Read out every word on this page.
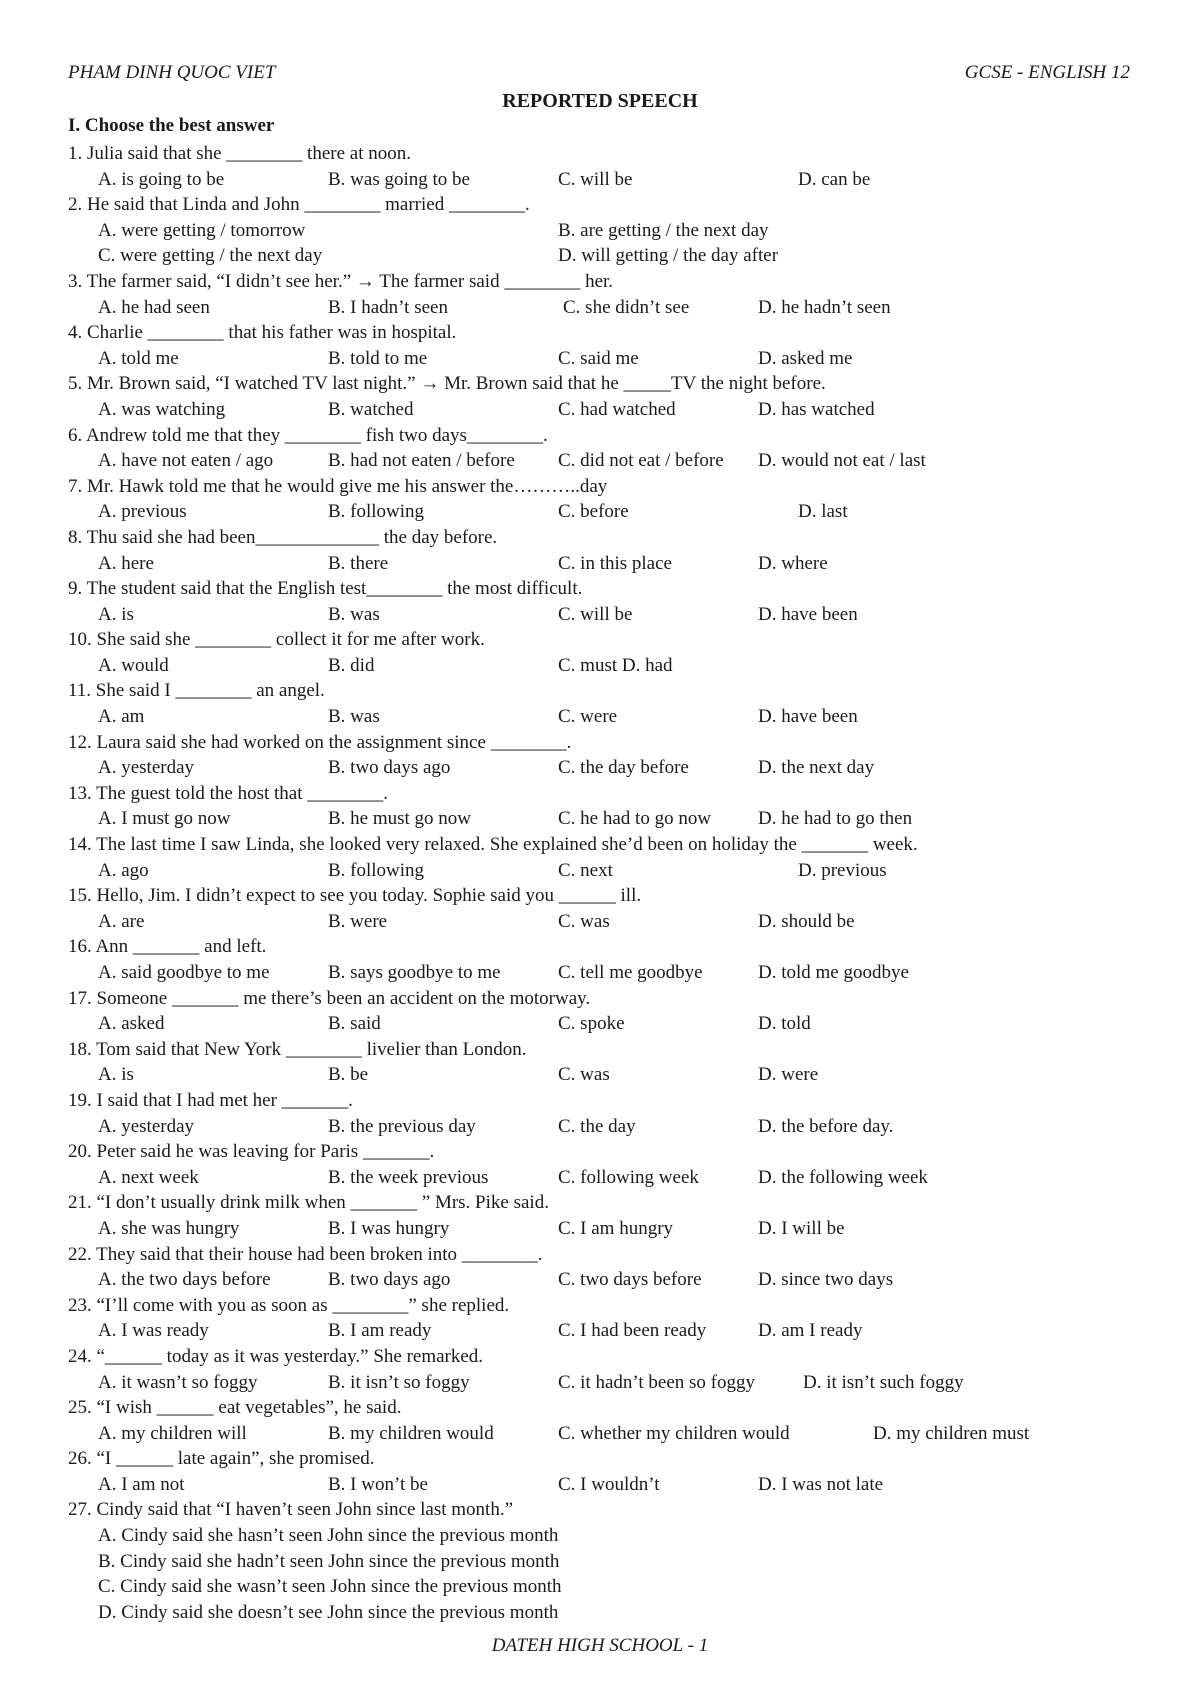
PHAM DINH QUOC VIET	GCSE - ENGLISH 12
REPORTED SPEECH
I. Choose the best answer
1. Julia said that she ________ there at noon.
A. is going to be	B. was going to be	C. will be	D. can be
2. He said that Linda and John ________ married ________.
A. were getting / tomorrow	B. are getting / the next day
C. were getting / the next day	D. will getting / the day after
3. The farmer said, “I didn’t see her.” → The farmer said ________ her.
A. he had seen	B. I hadn’t seen	C. she didn’t see	D. he hadn’t seen
4. Charlie ________ that his father was in hospital.
A. told me	B. told to me	C. said me	D. asked me
5. Mr. Brown said, “I watched TV last night.” → Mr. Brown said that he _____TV the night before.
A. was watching	B. watched	C. had watched	D. has watched
6. Andrew told me that they ________ fish two days________.
A. have not eaten / ago	B. had not eaten / before C. did not eat / before D. would not eat / last
7. Mr. Hawk told me that he would give me his answer the………..day
A. previous	B. following	C. before	D. last
8. Thu said she had been_____________ the day before.
A. here	B. there	C. in this place	D. where
9. The student said that the English test________ the most difficult.
A. is	B. was	C. will be	D. have been
10. She said she ________ collect it for me after work.
A. would	B. did	C. must D. had
11. She said I ________ an angel.
A. am	B. was	C. were	D. have been
12. Laura said she had worked on the assignment since ________.
A. yesterday	B. two days ago	C. the day before	D. the next day
13. The guest told the host that ________.
A. I must go now	B. he must go now	C. he had to go now D. he had to go then
14. The last time I saw Linda, she looked very relaxed. She explained she’d been on holiday the _______ week.
A. ago	B. following	C. next	D. previous
15. Hello, Jim. I didn’t expect to see you today. Sophie said you ______ ill.
A. are	B. were	C. was	D. should be
16. Ann _______ and left.
A. said goodbye to me	B. says goodbye to me	C. tell me goodbye	D. told me goodbye
17. Someone _______ me there’s been an accident on the motorway.
A. asked	B. said	C. spoke	D. told
18. Tom said that New York ________ livelier than London.
A. is	B. be	C. was	D. were
19. I said that I had met her _______.
A. yesterday	B. the previous day	C. the day	D. the before day.
20. Peter said he was leaving for Paris _______.
A. next week	B. the week previous	C. following week	D. the following week
21. “I don’t usually drink milk when _______ ” Mrs. Pike said.
A. she was hungry	B. I was hungry	C. I am hungry	D. I will be
22. They said that their house had been broken into ________.
A. the two days before	B. two days ago	C. two days before	D. since two days
23. “I’ll come with you as soon as ________” she replied.
A. I was ready	B. I am ready	C. I had been ready	D. am I ready
24. “______ today as it was yesterday.” She remarked.
A. it wasn’t so foggy	B. it isn’t so foggy	C. it hadn’t been so foggy	D. it isn’t such foggy
25. “I wish ______ eat vegetables”, he said.
A. my children will	B. my children would	C. whether my children would	D. my children must
26. “I ______ late again”, she promised.
A. I am not	B. I won’t be	C. I wouldn’t	D. I was not late
27. Cindy said that “I haven’t seen John since last month.”
A. Cindy said she hasn’t seen John since the previous month
B. Cindy said she hadn’t seen John since the previous month
C. Cindy said she wasn’t seen John since the previous month
D. Cindy said she doesn’t see John since the previous month
DATEH HIGH SCHOOL - 1
